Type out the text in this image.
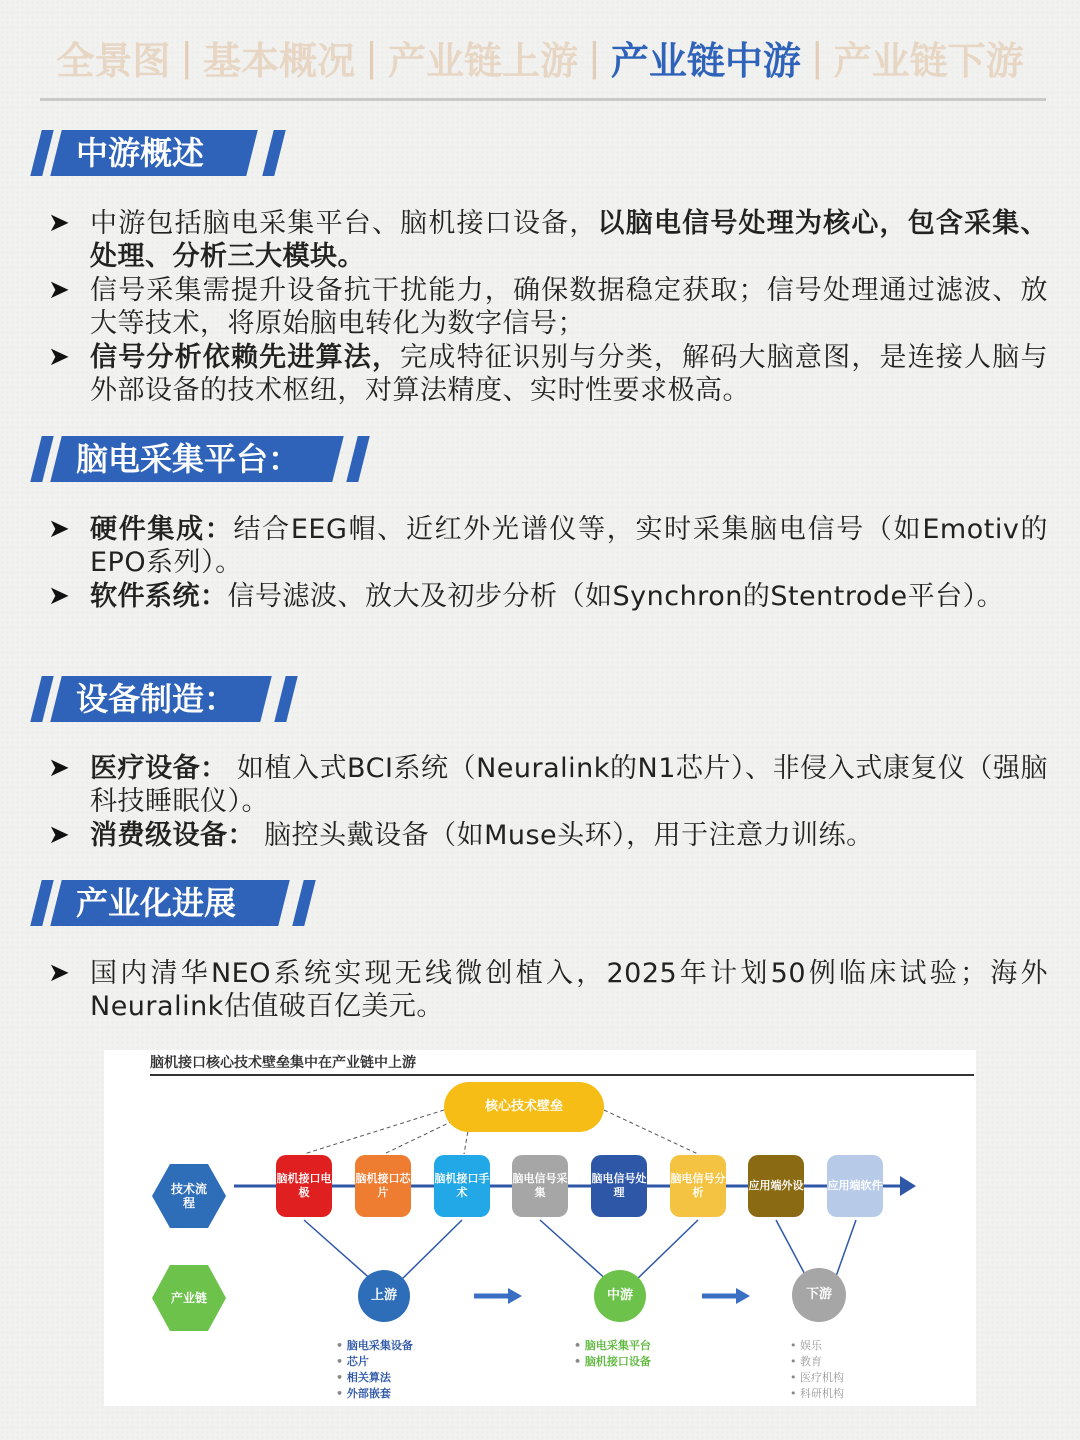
全景图 | 基本概况 | 产业链上游 | 产业链中游 | 产业链下游
中游概述
➤ 中游包括脑电采集平台、脑机接口设备，以脑电信号处理为核心，包含采集、处理、分析三大模块。
➤ 信号采集需提升设备抗干扰能力，确保数据稳定获取；信号处理通过滤波、放大等技术，将原始脑电转化为数字信号；
➤ 信号分析依赖先进算法，完成特征识别与分类，解码大脑意图，是连接人脑与外部设备的技术枢纽，对算法精度、实时性要求极高。
脑电采集平台：
➤ 硬件集成：结合EEG帽、近红外光谱仪等，实时采集脑电信号（如Emotiv的EPO系列）。
➤ 软件系统：信号滤波、放大及初步分析（如Synchron的Stentrode平台）。
设备制造：
➤ 医疗设备： 如植入式BCI系统（Neuralink的N1芯片）、非侵入式康复仪（强脑科技睡眠仪）。
➤ 消费级设备： 脑控头戴设备（如Muse头环），用于注意力训练。
产业化进展
➤ 国内清华NEO系统实现无线微创植入，2025年计划50例临床试验；海外Neuralink估值破百亿美元。
脑机接口核心技术壁垒集中在产业链中上游
技术流程
产业链
核心技术壁垒
脑机接口电极
脑机接口芯片
脑机接口手术
脑电信号采集
脑电信号处理
脑电信号分析
应用端外设 应用端软件
上游	中游	下游
• 脑电采集设备
• 芯片
• 相关算法
• 外部嵌套
• 脑电采集平台
• 脑机接口设备
• 娱乐
• 教育
• 医疗机构
• 科研机构
